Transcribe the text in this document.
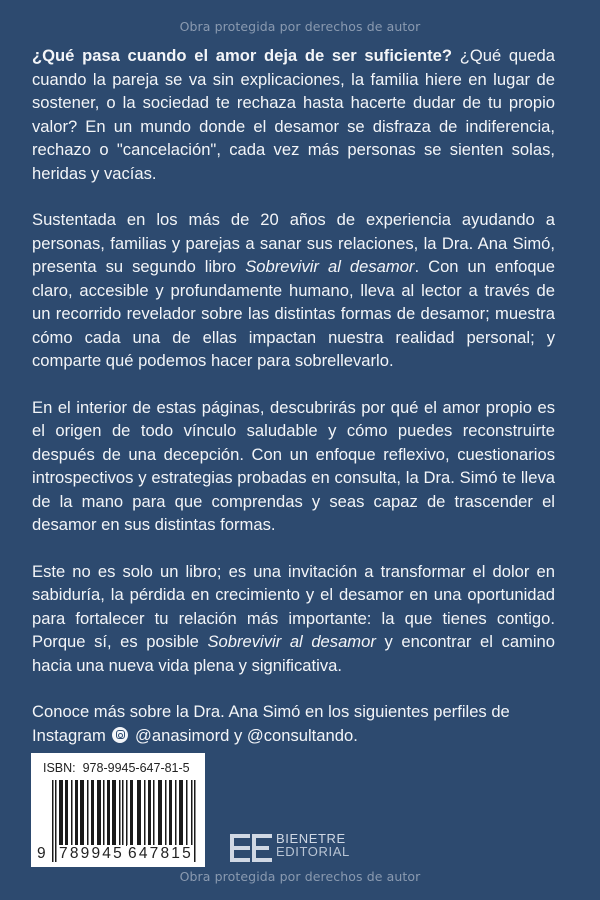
Obra protegida por derechos de autor

¿Qué pasa cuando el amor deja de ser suficiente? ¿Qué queda cuando la pareja se va sin explicaciones, la familia hiere en lugar de sostener, o la sociedad te rechaza hasta hacerte dudar de tu propio valor? En un mundo donde el desamor se disfraza de indiferencia, rechazo o "cancelación", cada vez más personas se sienten solas, heridas y vacías.

Sustentada en los más de 20 años de experiencia ayudando a personas, familias y parejas a sanar sus relaciones, la Dra. Ana Simó, presenta su segundo libro Sobrevivir al desamor. Con un enfoque claro, accesible y profundamente humano, lleva al lector a través de un recorrido revelador sobre las distintas formas de desamor; muestra cómo cada una de ellas impactan nuestra realidad personal; y comparte qué podemos hacer para sobrellevarlo.

En el interior de estas páginas, descubrirás por qué el amor propio es el origen de todo vínculo saludable y cómo puedes reconstruirte después de una decepción. Con un enfoque reflexivo, cuestionarios introspectivos y estrategias probadas en consulta, la Dra. Simó te lleva de la mano para que comprendas y seas capaz de trascender el desamor en sus distintas formas.

Este no es solo un libro; es una invitación a transformar el dolor en sabiduría, la pérdida en crecimiento y el desamor en una oportunidad para fortalecer tu relación más importante: la que tienes contigo. Porque sí, es posible Sobrevivir al desamor y encontrar el camino hacia una nueva vida plena y significativa.

Conoce más sobre la Dra. Ana Simó en los siguientes perfiles de Instagram  @anasimord y @consultando.

ISBN:  978-9945-647-81-5
9 789945 647815
BIENETRE
EDITORIAL
Obra protegida por derechos de autor
